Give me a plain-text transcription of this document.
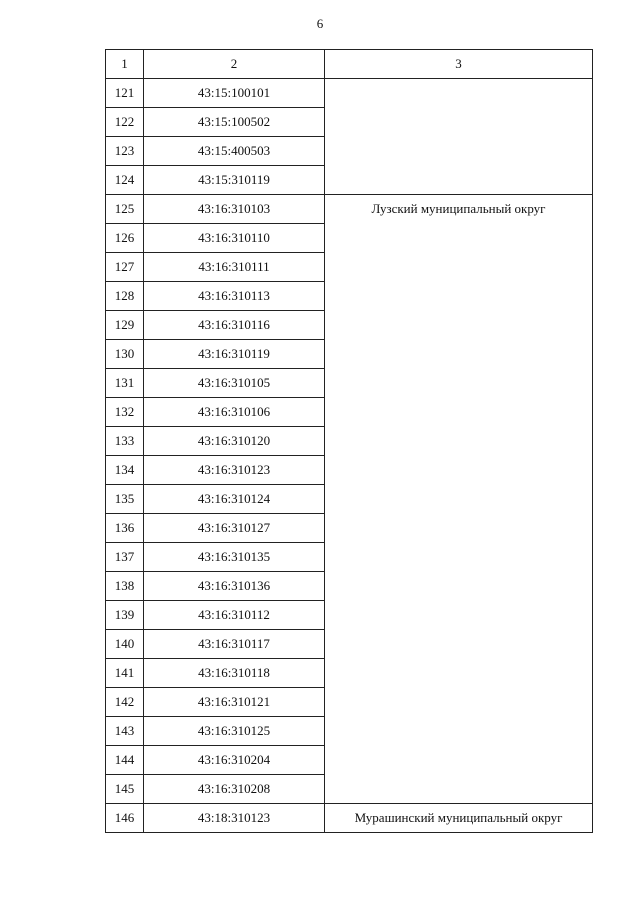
6
1	2	3
121	43:15:100101	
122	43:15:100502	
123	43:15:400503	
124	43:15:310119	
125	43:16:310103	Лузский муниципальный округ
126	43:16:310110	
127	43:16:310111	
128	43:16:310113	
129	43:16:310116	
130	43:16:310119	
131	43:16:310105	
132	43:16:310106	
133	43:16:310120	
134	43:16:310123	
135	43:16:310124	
136	43:16:310127	
137	43:16:310135	
138	43:16:310136	
139	43:16:310112	
140	43:16:310117	
141	43:16:310118	
142	43:16:310121	
143	43:16:310125	
144	43:16:310204	
145	43:16:310208	
146	43:18:310123	Мурашинский муниципальный округ
